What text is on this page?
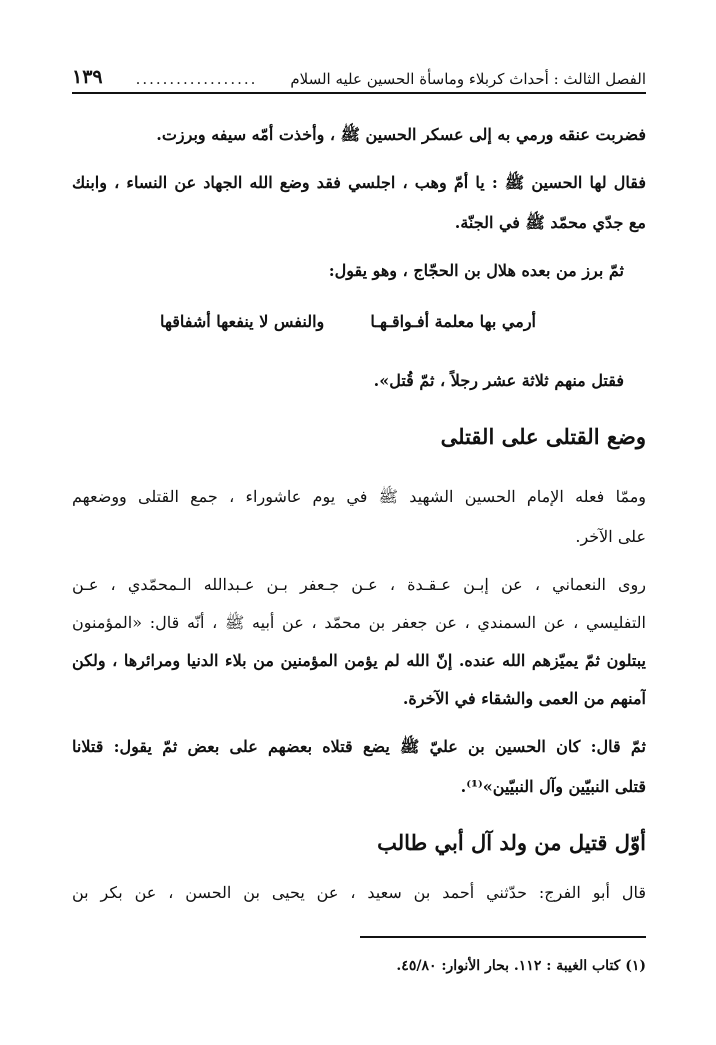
الفصل الثالث : أحداث كربلاء وماسأة الحسين عليه السلام
..................
١٣٩
فضربت عنقه ورمي به إلى عسكر الحسين ﷺ ، وأخذت أمّه سيفه وبرزت.
فقال لها الحسين ﷺ : يا أمّ وهب ، اجلسي فقد وضع الله الجهاد عن النساء ، وابنك
مع جدّي محمّد ﷺ في الجنّة.
ثمّ برز من بعده هلال بن الحجّاج ، وهو يقول:
أرمي بها معلمة أفـواقـهـا
والنفس لا ينفعها أشفاقها
فقتل منهم ثلاثة عشر رجلاً ، ثمّ قُتل».
وضع القتلى على القتلى
وممّا فعله الإمام الحسين الشهيد ﷺ في يوم عاشوراء ، جمع القتلى ووضعهم
على الآخر.
روى النعماني ، عن إبـن عـقـدة ، عـن جـعفر بـن عـبدالله الـمحمّدي ، عـن
التفليسي ، عن السمندي ، عن جعفر بن محمّد ، عن أبيه ﷺ ، أنّه قال: «المؤمنون
يبتلون ثمّ يميّزهم الله عنده. إنّ الله لم يؤمن المؤمنين من بلاء الدنيا ومرائرها ، ولكن
آمنهم من العمى والشقاء في الآخرة.
ثمّ قال: كان الحسين بن عليّ ﷺ يضع قتلاه بعضهم على بعض ثمّ يقول: قتلانا
قتلى النبيّين وآل النبيّين»⁽¹⁾.
أوّل قتيل من ولد آل أبي طالب
قال أبو الفرج: حدّثني أحمد بن سعيد ، عن يحيى بن الحسن ، عن بكر بن
(١) كتاب الغيبة : ١١٢. بحار الأنوار: ٤٥/٨٠.
